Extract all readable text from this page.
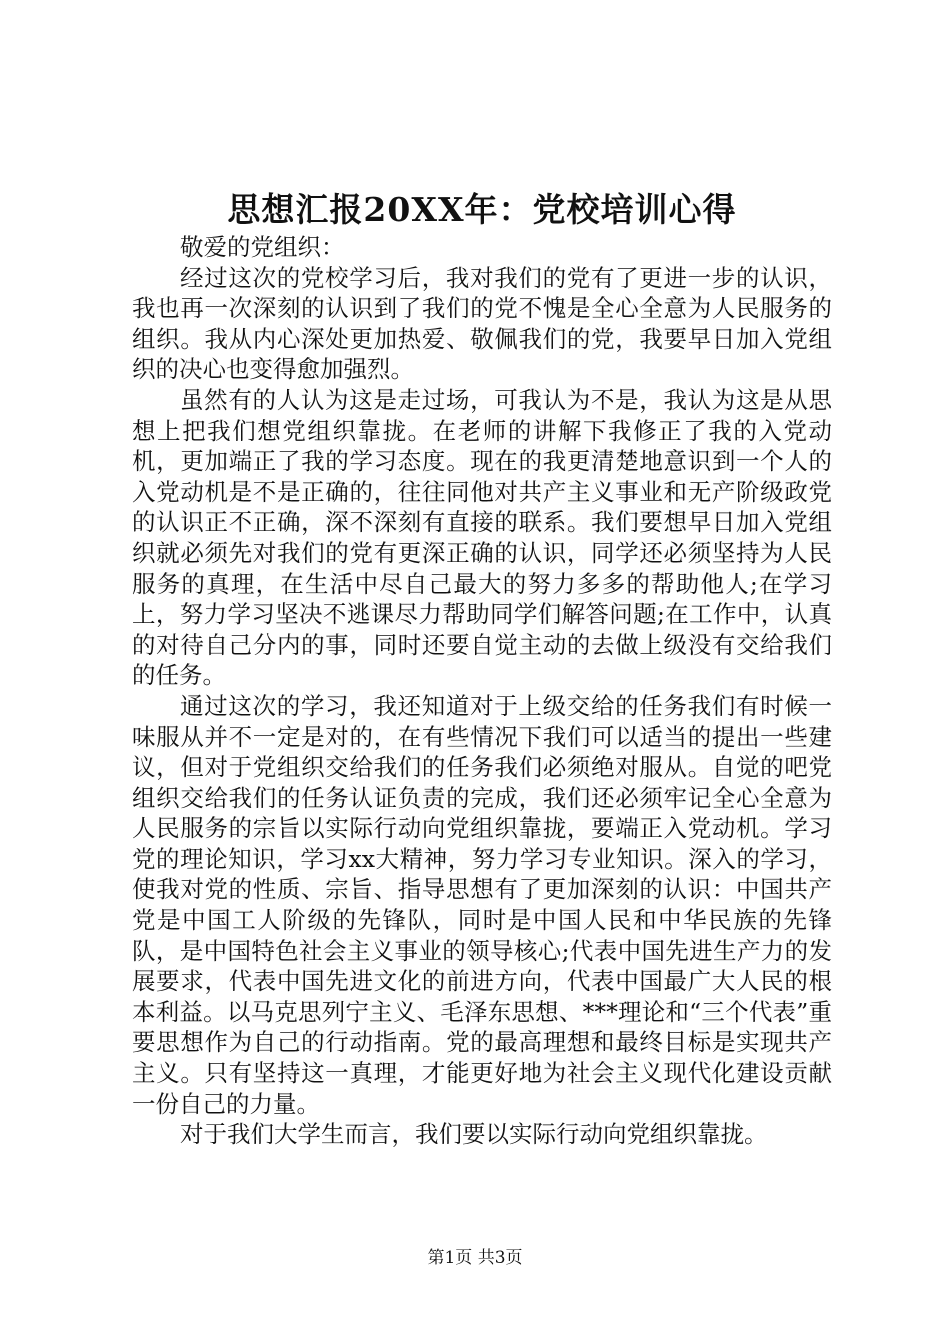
思想汇报20XX年：党校培训心得

敬爱的党组织：

经过这次的党校学习后，我对我们的党有了更进一步的认识，我也再一次深刻的认识到了我们的党不愧是全心全意为人民服务的组织。我从内心深处更加热爱、敬佩我们的党，我要早日加入党组织的决心也变得愈加强烈。

虽然有的人认为这是走过场，可我认为不是，我认为这是从思想上把我们想党组织靠拢。在老师的讲解下我修正了我的入党动机，更加端正了我的学习态度。现在的我更清楚地意识到一个人的入党动机是不是正确的，往往同他对共产主义事业和无产阶级政党的认识正不正确，深不深刻有直接的联系。我们要想早日加入党组织就必须先对我们的党有更深正确的认识，同学还必须坚持为人民服务的真理，在生活中尽自己最大的努力多多的帮助他人;在学习上，努力学习坚决不逃课尽力帮助同学们解答问题;在工作中，认真的对待自己分内的事，同时还要自觉主动的去做上级没有交给我们的任务。

通过这次的学习，我还知道对于上级交给的任务我们有时候一味服从并不一定是对的，在有些情况下我们可以适当的提出一些建议，但对于党组织交给我们的任务我们必须绝对服从。自觉的吧党组织交给我们的任务认证负责的完成，我们还必须牢记全心全意为人民服务的宗旨以实际行动向党组织靠拢，要端正入党动机。学习党的理论知识，学习xx大精神，努力学习专业知识。深入的学习，使我对党的性质、宗旨、指导思想有了更加深刻的认识：中国共产党是中国工人阶级的先锋队，同时是中国人民和中华民族的先锋队，是中国特色社会主义事业的领导核心;代表中国先进生产力的发展要求，代表中国先进文化的前进方向，代表中国最广大人民的根本利益。以马克思列宁主义、毛泽东思想、***理论和“三个代表”重要思想作为自己的行动指南。党的最高理想和最终目标是实现共产主义。只有坚持这一真理，才能更好地为社会主义现代化建设贡献一份自己的力量。

对于我们大学生而言，我们要以实际行动向党组织靠拢。

第1页 共3页
